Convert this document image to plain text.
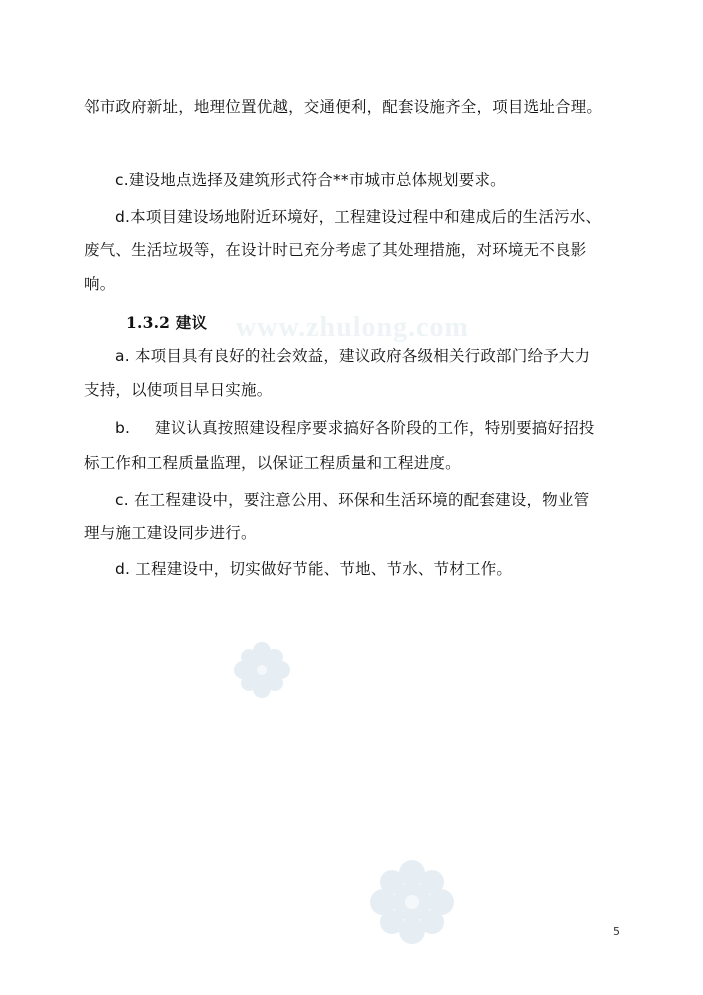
www.zhulong.com

邻市政府新址，地理位置优越，交通便利，配套设施齐全，项目选址合理。

c.建设地点选择及建筑形式符合**市城市总体规划要求。

d.本项目建设场地附近环境好，工程建设过程中和建成后的生活污水、

废气、生活垃圾等，在设计时已充分考虑了其处理措施，对环境无不良影

响。

1.3.2 建议

a. 本项目具有良好的社会效益，建议政府各级相关行政部门给予大力

支持，以使项目早日实施。

b. 建议认真按照建设程序要求搞好各阶段的工作，特别要搞好招投

标工作和工程质量监理，以保证工程质量和工程进度。

c. 在工程建设中，要注意公用、环保和生活环境的配套建设，物业管

理与施工建设同步进行。

d. 工程建设中，切实做好节能、节地、节水、节材工作。

5
